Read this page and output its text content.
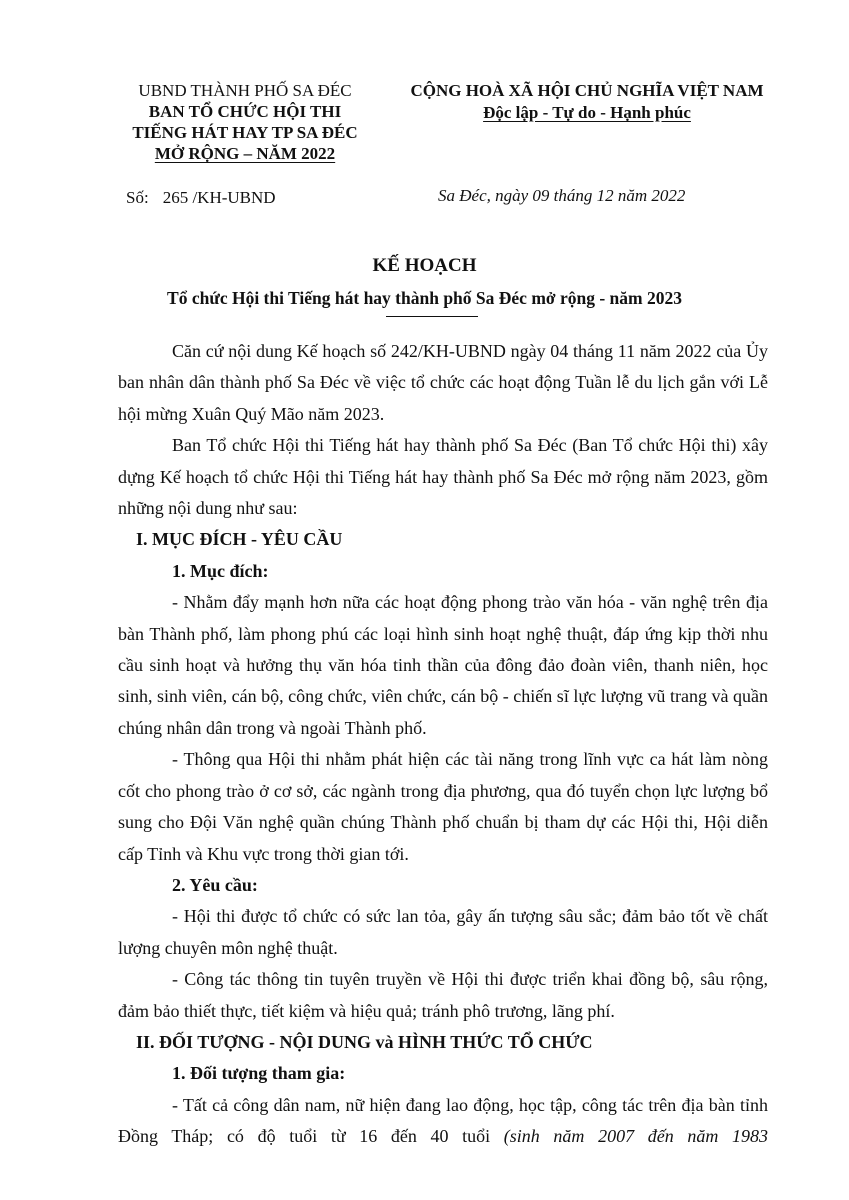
UBND THÀNH PHỐ SA ĐÉC
BAN TỔ CHỨC HỘI THI
TIẾNG HÁT HAY TP SA ĐÉC
MỞ RỘNG – NĂM 2022
CỘNG HOÀ XÃ HỘI CHỦ NGHĨA VIỆT NAM
Độc lập - Tự do - Hạnh phúc
Số: 265 /KH-UBND	Sa Đéc, ngày 09 tháng 12 năm 2022
KẾ HOẠCH
Tổ chức Hội thi Tiếng hát hay thành phố Sa Đéc mở rộng - năm 2023

Căn cứ nội dung Kế hoạch số 242/KH-UBND ngày 04 tháng 11 năm 2022 của Ủy ban nhân dân thành phố Sa Đéc về việc tổ chức các hoạt động Tuần lễ du lịch gắn với Lễ hội mừng Xuân Quý Mão năm 2023.

Ban Tổ chức Hội thi Tiếng hát hay thành phố Sa Đéc (Ban Tổ chức Hội thi) xây dựng Kế hoạch tổ chức Hội thi Tiếng hát hay thành phố Sa Đéc mở rộng năm 2023, gồm những nội dung như sau:

I. MỤC ĐÍCH - YÊU CẦU

1. Mục đích:

- Nhằm đẩy mạnh hơn nữa các hoạt động phong trào văn hóa - văn nghệ trên địa bàn Thành phố, làm phong phú các loại hình sinh hoạt nghệ thuật, đáp ứng kịp thời nhu cầu sinh hoạt và hưởng thụ văn hóa tinh thần của đông đảo đoàn viên, thanh niên, học sinh, sinh viên, cán bộ, công chức, viên chức, cán bộ - chiến sĩ lực lượng vũ trang và quần chúng nhân dân trong và ngoài Thành phố.

- Thông qua Hội thi nhằm phát hiện các tài năng trong lĩnh vực ca hát làm nòng cốt cho phong trào ở cơ sở, các ngành trong địa phương, qua đó tuyển chọn lực lượng bổ sung cho Đội Văn nghệ quần chúng Thành phố chuẩn bị tham dự các Hội thi, Hội diễn cấp Tỉnh và Khu vực trong thời gian tới.

2. Yêu cầu:

- Hội thi được tổ chức có sức lan tỏa, gây ấn tượng sâu sắc; đảm bảo tốt về chất lượng chuyên môn nghệ thuật.

- Công tác thông tin tuyên truyền về Hội thi được triển khai đồng bộ, sâu rộng, đảm bảo thiết thực, tiết kiệm và hiệu quả; tránh phô trương, lãng phí.

II. ĐỐI TƯỢNG - NỘI DUNG và HÌNH THỨC TỔ CHỨC

1. Đối tượng tham gia:

- Tất cả công dân nam, nữ hiện đang lao động, học tập, công tác trên địa bàn tỉnh Đồng Tháp; có độ tuổi từ 16 đến 40 tuổi (sinh năm 2007 đến năm 1983
